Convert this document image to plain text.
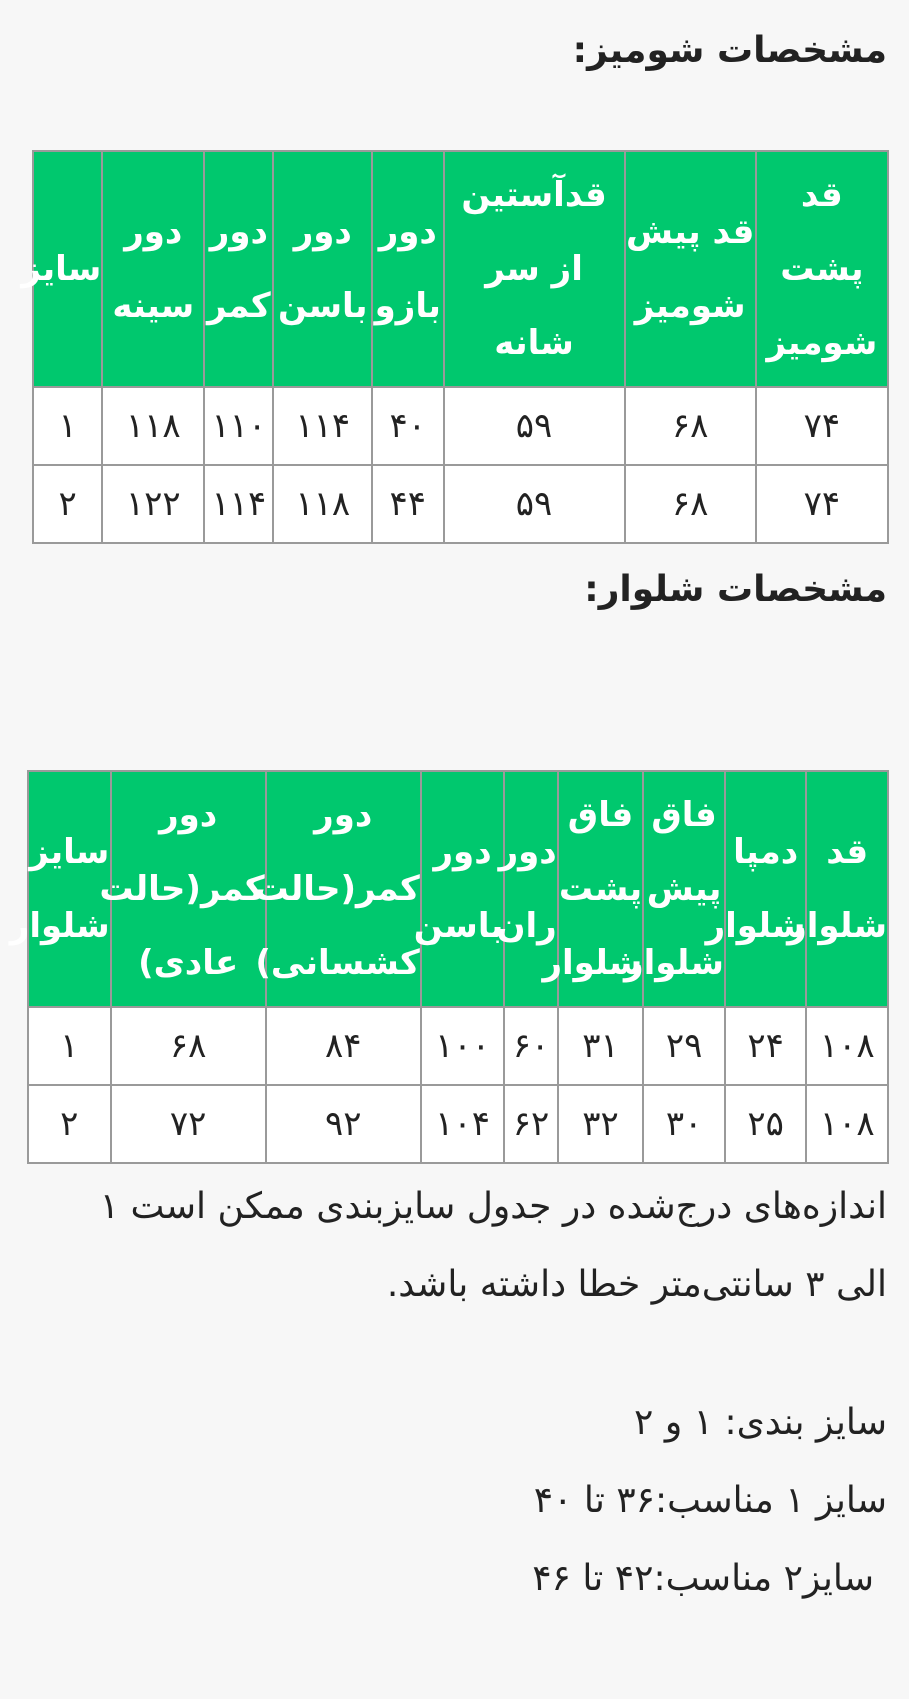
مشخصات شومیز:
قد پشت شومیز	قد پیش شومیز	قدآستین از سر شانه	دور بازو	دور باسن	دور کمر	دور سینه	سایز
۷۴	۶۸	۵۹	۴۰	۱۱۴	۱۱۰	۱۱۸	۱
۷۴	۶۸	۵۹	۴۴	۱۱۸	۱۱۴	۱۲۲	۲
مشخصات شلوار:
قد شلوار	دمپا شلوار	فاق پیش شلوار	فاق پشت شلوار	دور ران	دور باسن	دور کمر(حالت کشسانی)	دور کمر(حالت عادی)	سایز شلوار
۱۰۸	۲۴	۲۹	۳۱	۶۰	۱۰۰	۸۴	۶۸	۱
۱۰۸	۲۵	۳۰	۳۲	۶۲	۱۰۴	۹۲	۷۲	۲

اندازه‌های درج‌شده در جدول سایزبندی ممکن است ۱ الی ۳ سانتی‌متر خطا داشته باشد.

سایز بندی: ۱ و ۲

سایز ۱ مناسب:۳۶ تا ۴۰

سایز۲ مناسب:۴۲ تا ۴۶
